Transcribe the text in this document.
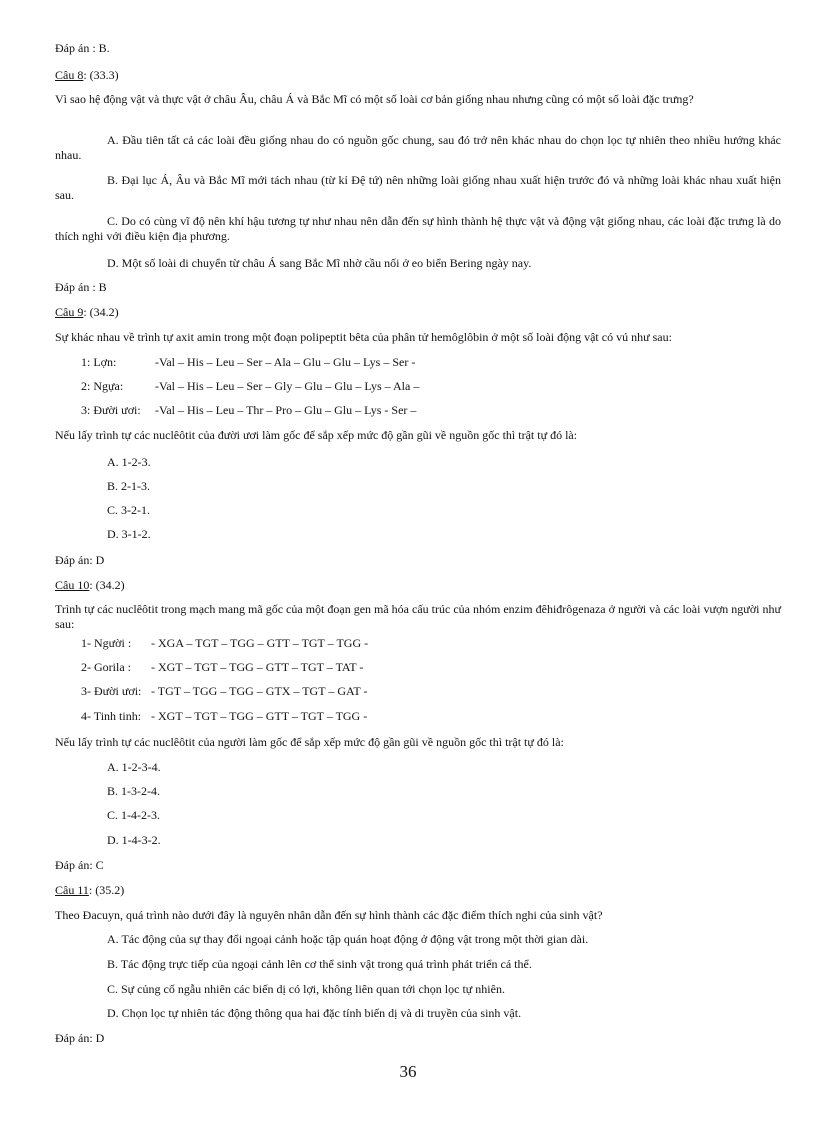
Đáp án : B.
Câu 8: (33.3)
Vì sao hệ động vật và thực vật ở châu Âu, châu Á và Bắc Mĩ có một số loài cơ bản giống nhau nhưng cũng có một số loài đặc trưng?
A. Đầu tiên tất cả các loài đều giống nhau do có nguồn gốc chung, sau đó trở nên khác nhau do chọn lọc tự nhiên theo nhiều hướng khác nhau.
B. Đại lục Á, Âu và Bắc Mĩ mới tách nhau (từ kỉ Đệ tứ) nên những loài giống nhau xuất hiện trước đó và những loài khác nhau xuất hiện sau.
C. Do có cùng vĩ độ nên khí hậu tương tự như nhau nên dẫn đến sự hình thành hệ thực vật và động vật giống nhau, các loài đặc trưng là do thích nghi với điều kiện địa phương.
D. Một số loài di chuyển từ châu Á sang Bắc Mĩ nhờ cầu nối ở eo biển Bering ngày nay.
Đáp án : B
Câu 9: (34.2)
Sự khác nhau về trình tự axit amin trong một đoạn polipeptit bêta của phân tử hemôglôbin ở một số loài động vật có vú như sau:
1: Lợn:	-Val – His – Leu – Ser – Ala – Glu – Glu – Lys – Ser -
2: Ngựa:	-Val – His – Leu – Ser – Gly – Glu – Glu – Lys – Ala –
3: Đười ươi: -Val – His – Leu – Thr – Pro – Glu – Glu – Lys - Ser –
Nếu lấy trình tự các nuclêôtit của đười ươi làm gốc để sắp xếp mức độ gần gũi về nguồn gốc thì trật tự đó là:
A. 1-2-3.
B. 2-1-3.
C. 3-2-1.
D. 3-1-2.
Đáp án: D
Câu 10: (34.2)
Trình tự các nuclêôtit trong mạch mang mã gốc của một đoạn gen mã hóa cấu trúc của nhóm enzim đêhiđrôgenaza ở người và các loài vượn người như sau:
1- Người : - XGA – TGT – TGG – GTT – TGT – TGG -
2- Gorila : - XGT – TGT – TGG – GTT – TGT – TAT -
3- Đười ươi: - TGT – TGG – TGG – GTX – TGT – GAT -
4- Tinh tinh: - XGT – TGT – TGG – GTT – TGT – TGG -
Nếu lấy trình tự các nuclêôtit của người làm gốc để sắp xếp mức độ gần gũi về nguồn gốc thì trật tự đó là:
A. 1-2-3-4.
B. 1-3-2-4.
C. 1-4-2-3.
D. 1-4-3-2.
Đáp án: C
Câu 11: (35.2)
Theo Đacuyn, quá trình nào dưới đây là nguyên nhân dẫn đến sự hình thành các đặc điểm thích nghi của sinh vật?
A. Tác động của sự thay đổi ngoại cảnh hoặc tập quán hoạt động ở động vật trong một thời gian dài.
B. Tác động trực tiếp của ngoại cảnh lên cơ thể sinh vật trong quá trình phát triển cá thể.
C. Sự củng cố ngẫu nhiên các biến dị có lợi, không liên quan tới chọn lọc tự nhiên.
D. Chọn lọc tự nhiên tác động thông qua hai đặc tính biến dị và di truyền của sinh vật.
Đáp án: D
36
